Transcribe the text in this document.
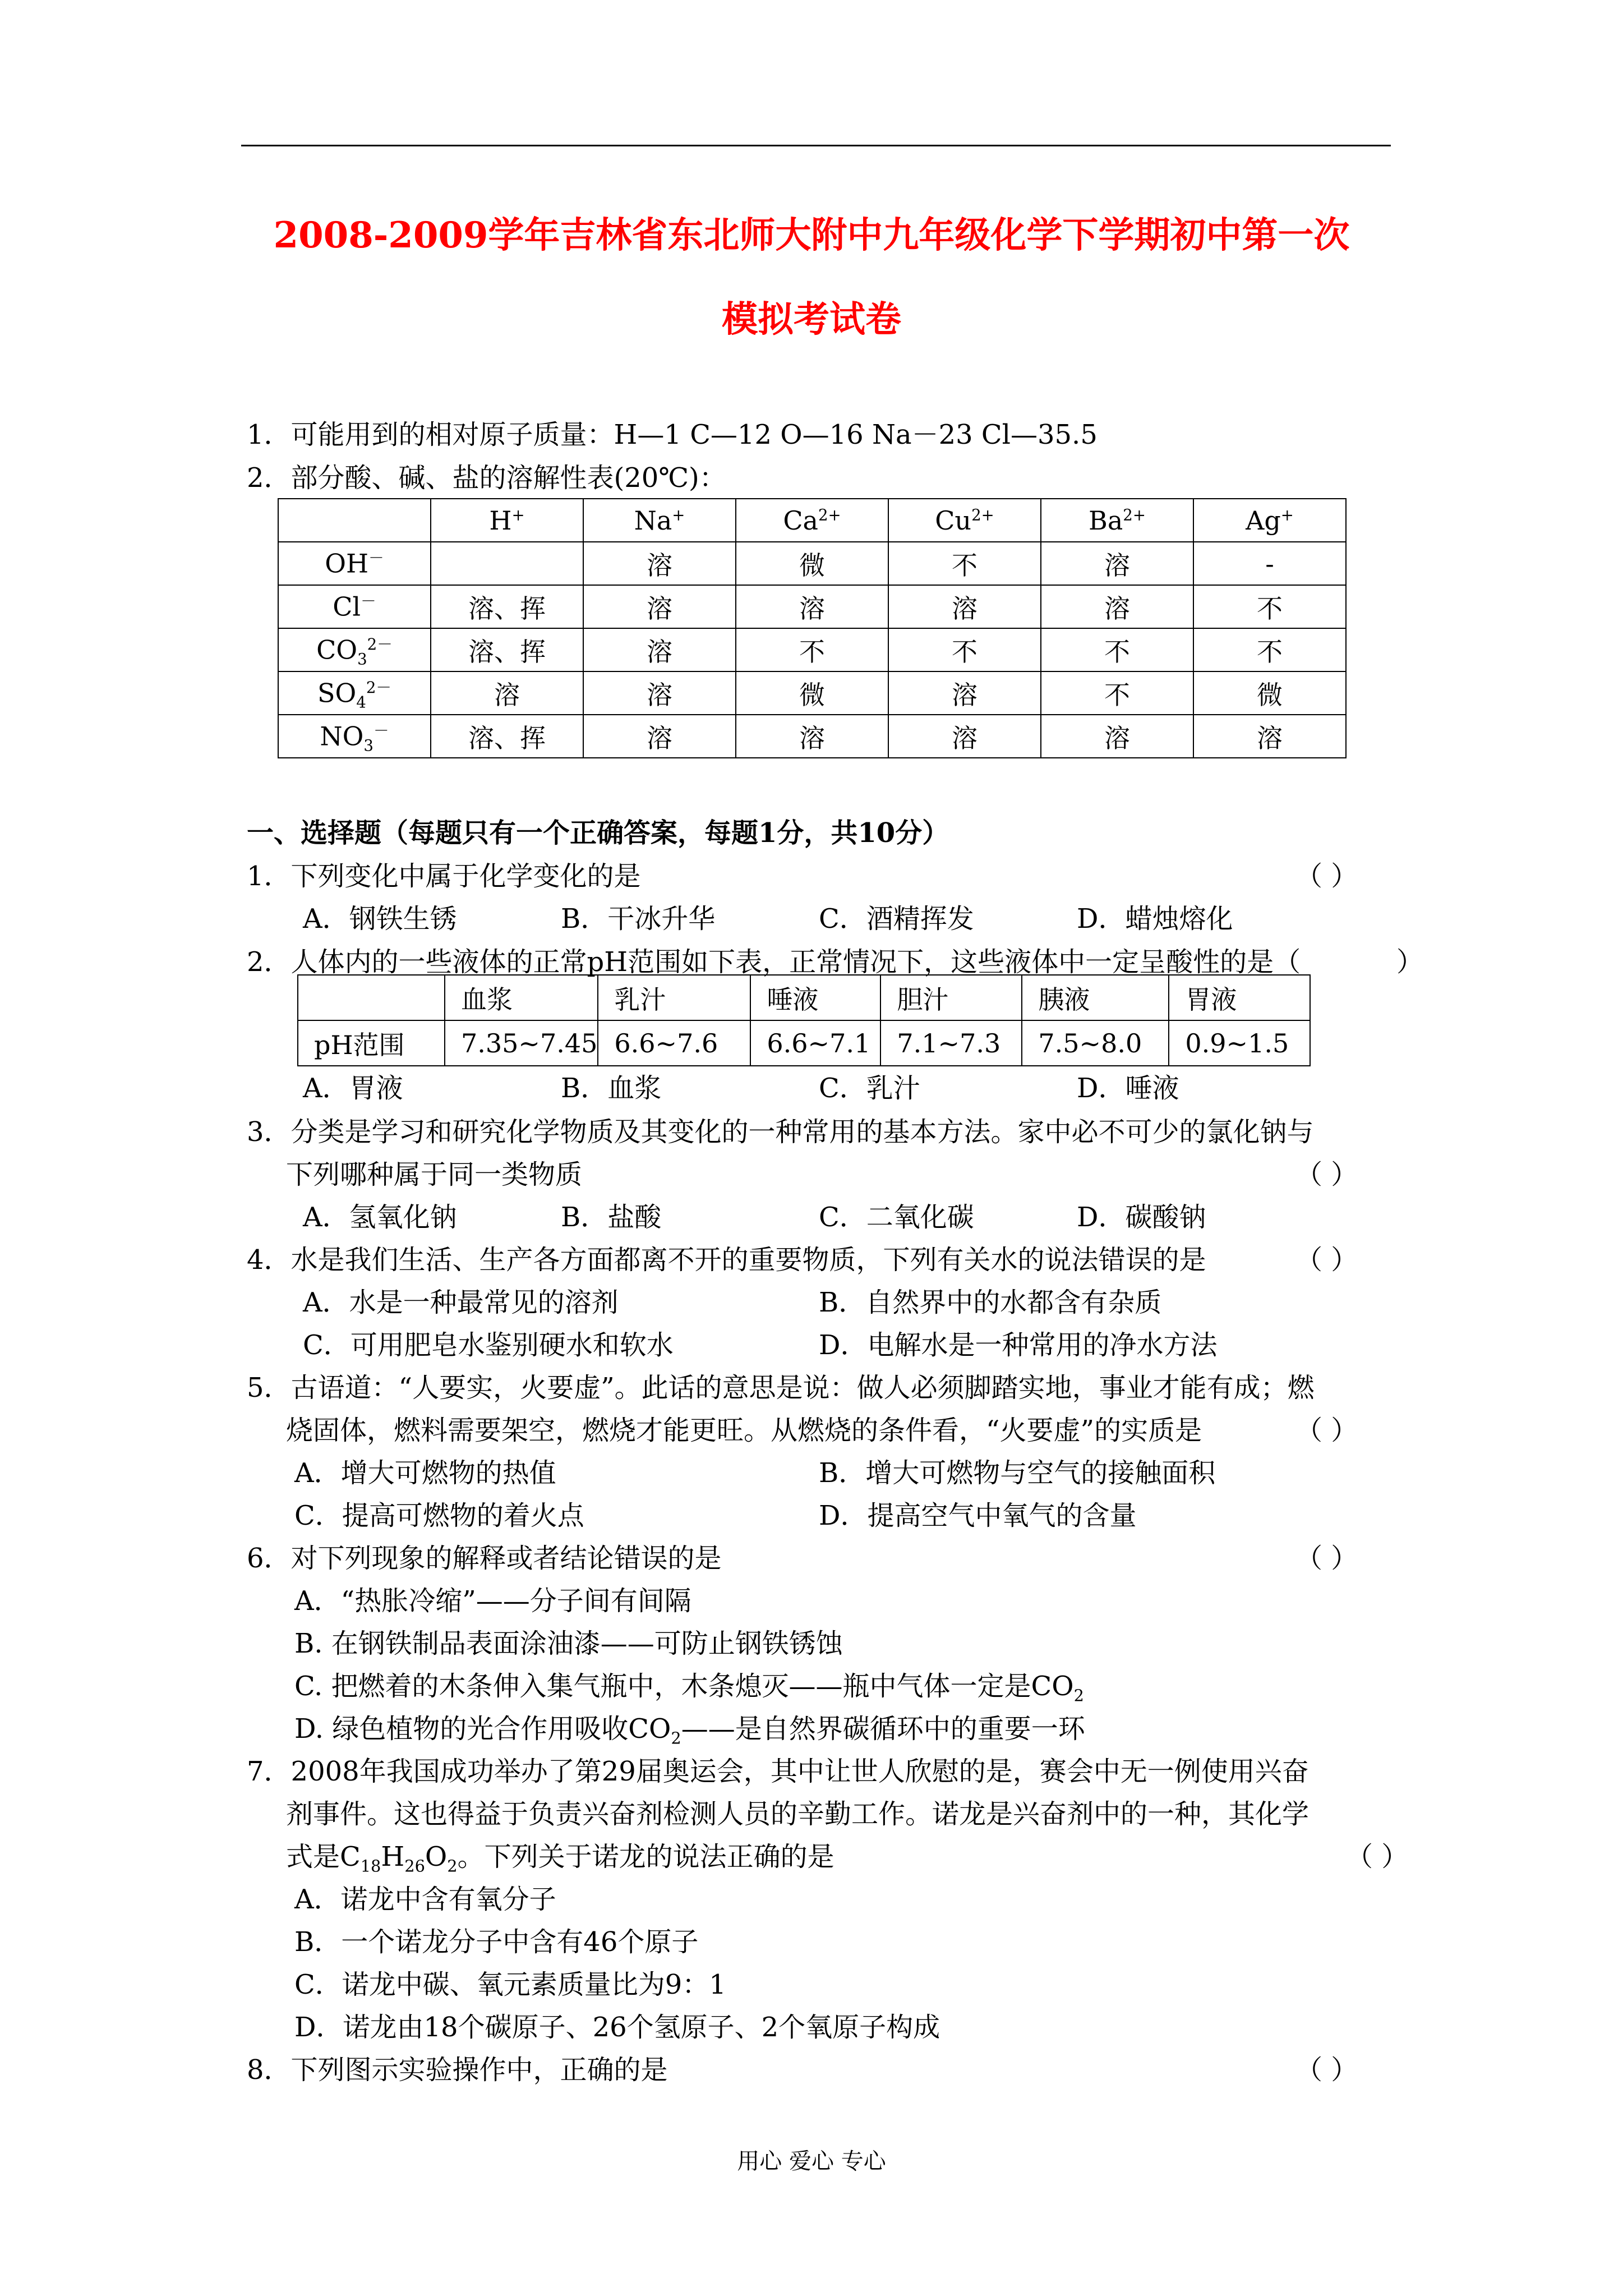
2008-2009学年吉林省东北师大附中九年级化学下学期初中第一次
模拟考试卷
1．可能用到的相对原子质量：H—1 C—12 O—16 Na－23 Cl—35.5
2．部分酸、碱、盐的溶解性表(20℃)：
	H+	Na+	$Ca^{2+}$	$Cu^{2+}$	$Ba^{2+}$	Ag+
OH－		溶	微	不	溶	-
Cl－	溶、挥	溶	溶	溶	溶	不
$CO_3^{2-}$	溶、挥	溶	不	不	不	不
$SO_4^{2-}$	溶	溶	微	溶	不	微
$NO_3^-$	溶、挥	溶	溶	溶	溶	溶
一、选择题（每题只有一个正确答案，每题1分，共10分）
1．下列变化中属于化学变化的是	（ ）
A．钢铁生锈	B．干冰升华	C．酒精挥发	D．蜡烛熔化
2．人体内的一些液体的正常pH范围如下表，正常情况下，这些液体中一定呈酸性的是（	）
	血浆	乳汁	唾液	胆汁	胰液	胃液
pH范围	7.35~7.45	6.6~7.6	6.6~7.1	7.1~7.3	7.5~8.0	0.9~1.5
A．胃液	B．血浆	C．乳汁	D．唾液
3．分类是学习和研究化学物质及其变化的一种常用的基本方法。家中必不可少的氯化钠与
下列哪种属于同一类物质	（ ）
A．氢氧化钠	B．盐酸	C．二氧化碳	D．碳酸钠
4．水是我们生活、生产各方面都离不开的重要物质，下列有关水的说法错误的是	（ ）
A．水是一种最常见的溶剂	B．自然界中的水都含有杂质
C．可用肥皂水鉴别硬水和软水	D．电解水是一种常用的净水方法
5．古语道：“人要实，火要虚”。此话的意思是说：做人必须脚踏实地，事业才能有成；燃
烧固体，燃料需要架空，燃烧才能更旺。从燃烧的条件看，“火要虚”的实质是	（ ）
A．增大可燃物的热值	B．增大可燃物与空气的接触面积
C．提高可燃物的着火点	D．提高空气中氧气的含量
6．对下列现象的解释或者结论错误的是	（ ）
A．“热胀冷缩”——分子间有间隔
B. 在钢铁制品表面涂油漆——可防止钢铁锈蚀
C. 把燃着的木条伸入集气瓶中，木条熄灭——瓶中气体一定是$CO_2$
D. 绿色植物的光合作用吸收$CO_2——$是自然界碳循环中的重要一环
7．2008年我国成功举办了第29届奥运会，其中让世人欣慰的是，赛会中无一例使用兴奋
剂事件。这也得益于负责兴奋剂检测人员的辛勤工作。诺龙是兴奋剂中的一种，其化学
式是$C_{18}H_{26}O_2$。下列关于诺龙的说法正确的是	（ ）
A．诺龙中含有氧分子
B．一个诺龙分子中含有46个原子
C．诺龙中碳、氧元素质量比为9：1
D．诺龙由18个碳原子、26个氢原子、2个氧原子构成
8．下列图示实验操作中，正确的是	（ ）
用心 爱心 专心
